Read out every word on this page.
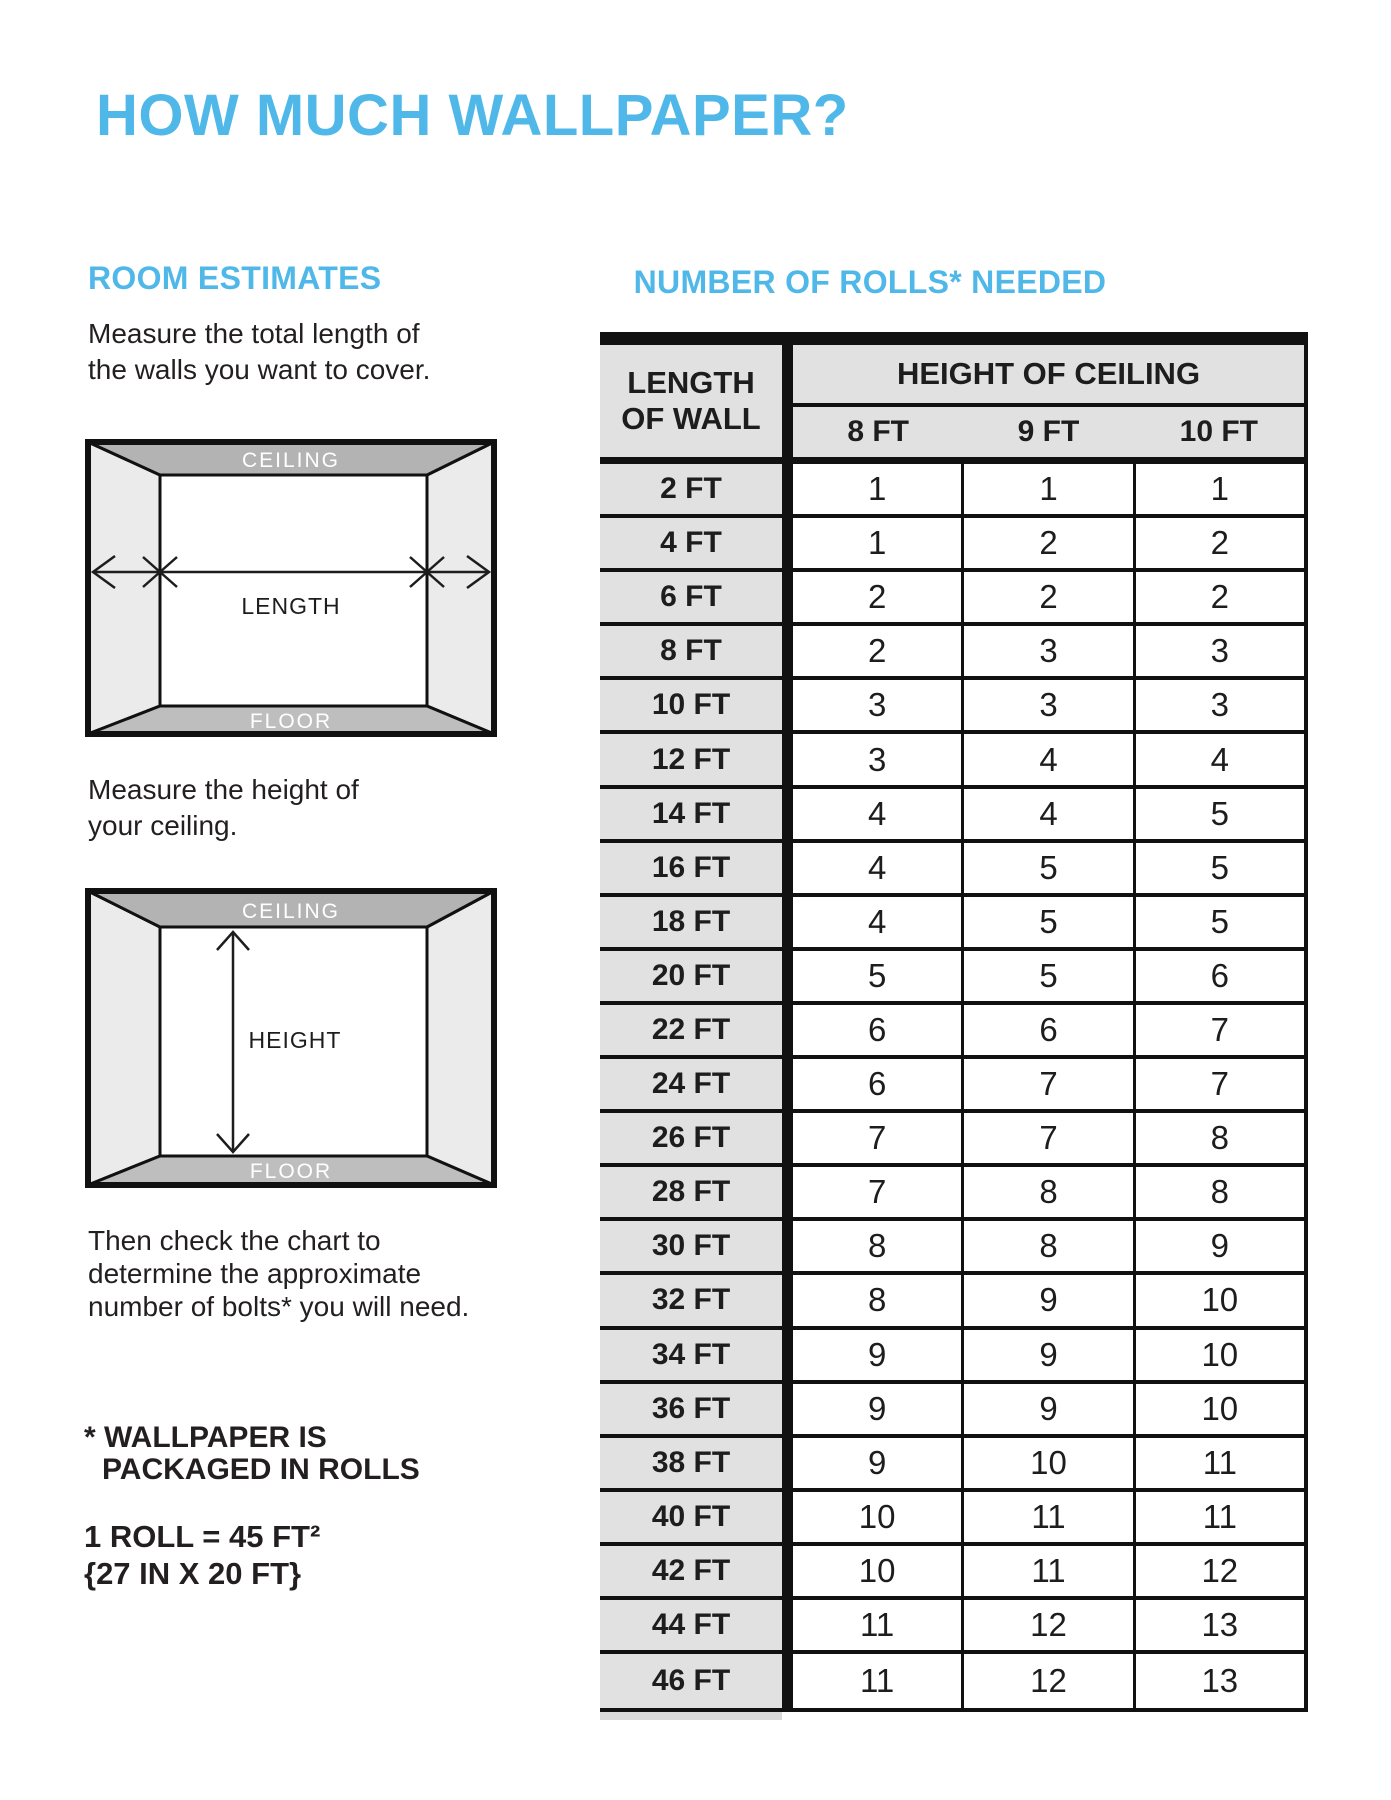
HOW MUCH WALLPAPER?
ROOM ESTIMATES	NUMBER OF ROLLS* NEEDED
Measure the total length of
the walls you want to cover.
CEILING
FLOOR
LENGTH
Measure the height of
your ceiling.
CEILING
FLOOR
HEIGHT
Then check the chart to
determine the approximate
number of bolts* you will need.
* WALLPAPER IS
PACKAGED IN ROLLS
1 ROLL = 45 FT²
{27 IN X 20 FT}
LENGTH OF WALL
HEIGHT OF CEILING
8 FT	9 FT	10 FT
2 FT	1	1	1
4 FT	1	2	2
6 FT	2	2	2
8 FT	2	3	3
10 FT	3	3	3
12 FT	3	4	4
14 FT	4	4	5
16 FT	4	5	5
18 FT	4	5	5
20 FT	5	5	6
22 FT	6	6	7
24 FT	6	7	7
26 FT	7	7	8
28 FT	7	8	8
30 FT	8	8	9
32 FT	8	9	10
34 FT	9	9	10
36 FT	9	9	10
38 FT	9	10	11
40 FT	10	11	11
42 FT	10	11	12
44 FT	11	12	13
46 FT	11	12	13
